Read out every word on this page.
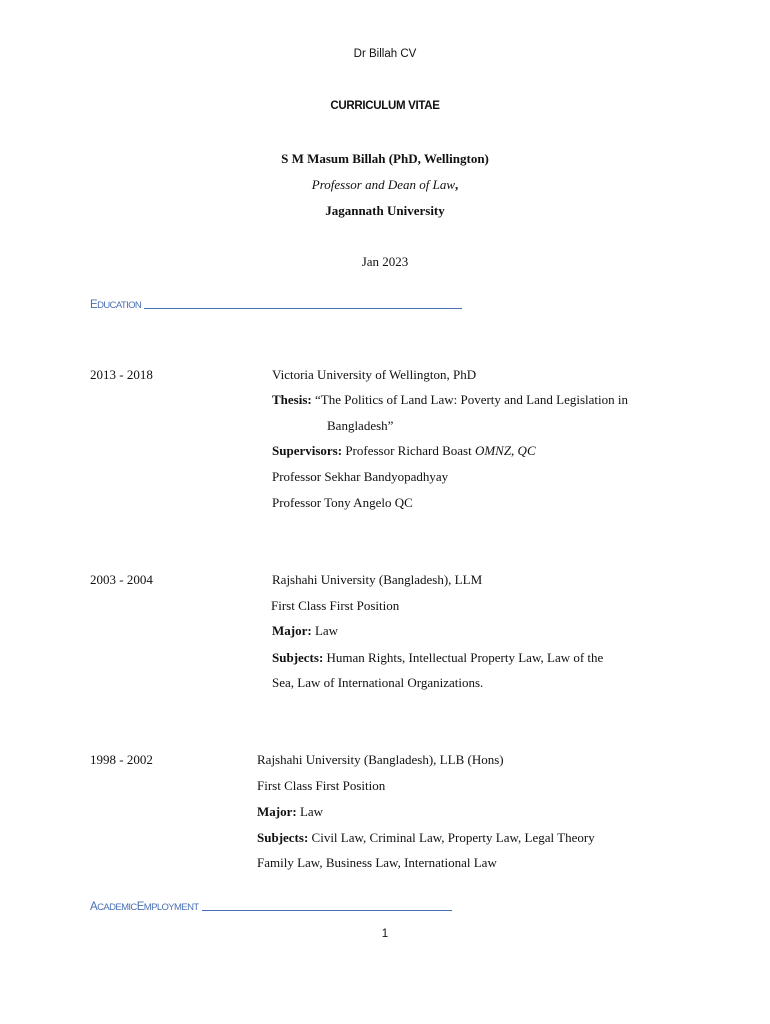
Dr Billah CV
CURRICULUM VITAE
S M Masum Billah (PhD, Wellington)
Professor and Dean of Law,
Jagannath University
Jan 2023
EDUCATION
2013 - 2018	Victoria University of Wellington, PhD
Thesis: “The Politics of Land Law: Poverty and Land Legislation in
Bangladesh”
Supervisors: Professor Richard Boast OMNZ, QC
Professor Sekhar Bandyopadhyay
Professor Tony Angelo QC
2003 - 2004	Rajshahi University (Bangladesh), LLM
First Class First Position
Major: Law
Subjects: Human Rights, Intellectual Property Law, Law of the
Sea, Law of International Organizations.
1998 - 2002	Rajshahi University (Bangladesh), LLB (Hons)
First Class First Position
Major: Law
Subjects: Civil Law, Criminal Law, Property Law, Legal Theory
Family Law, Business Law, International Law
ACADEMICEMPLOYMENT
1
